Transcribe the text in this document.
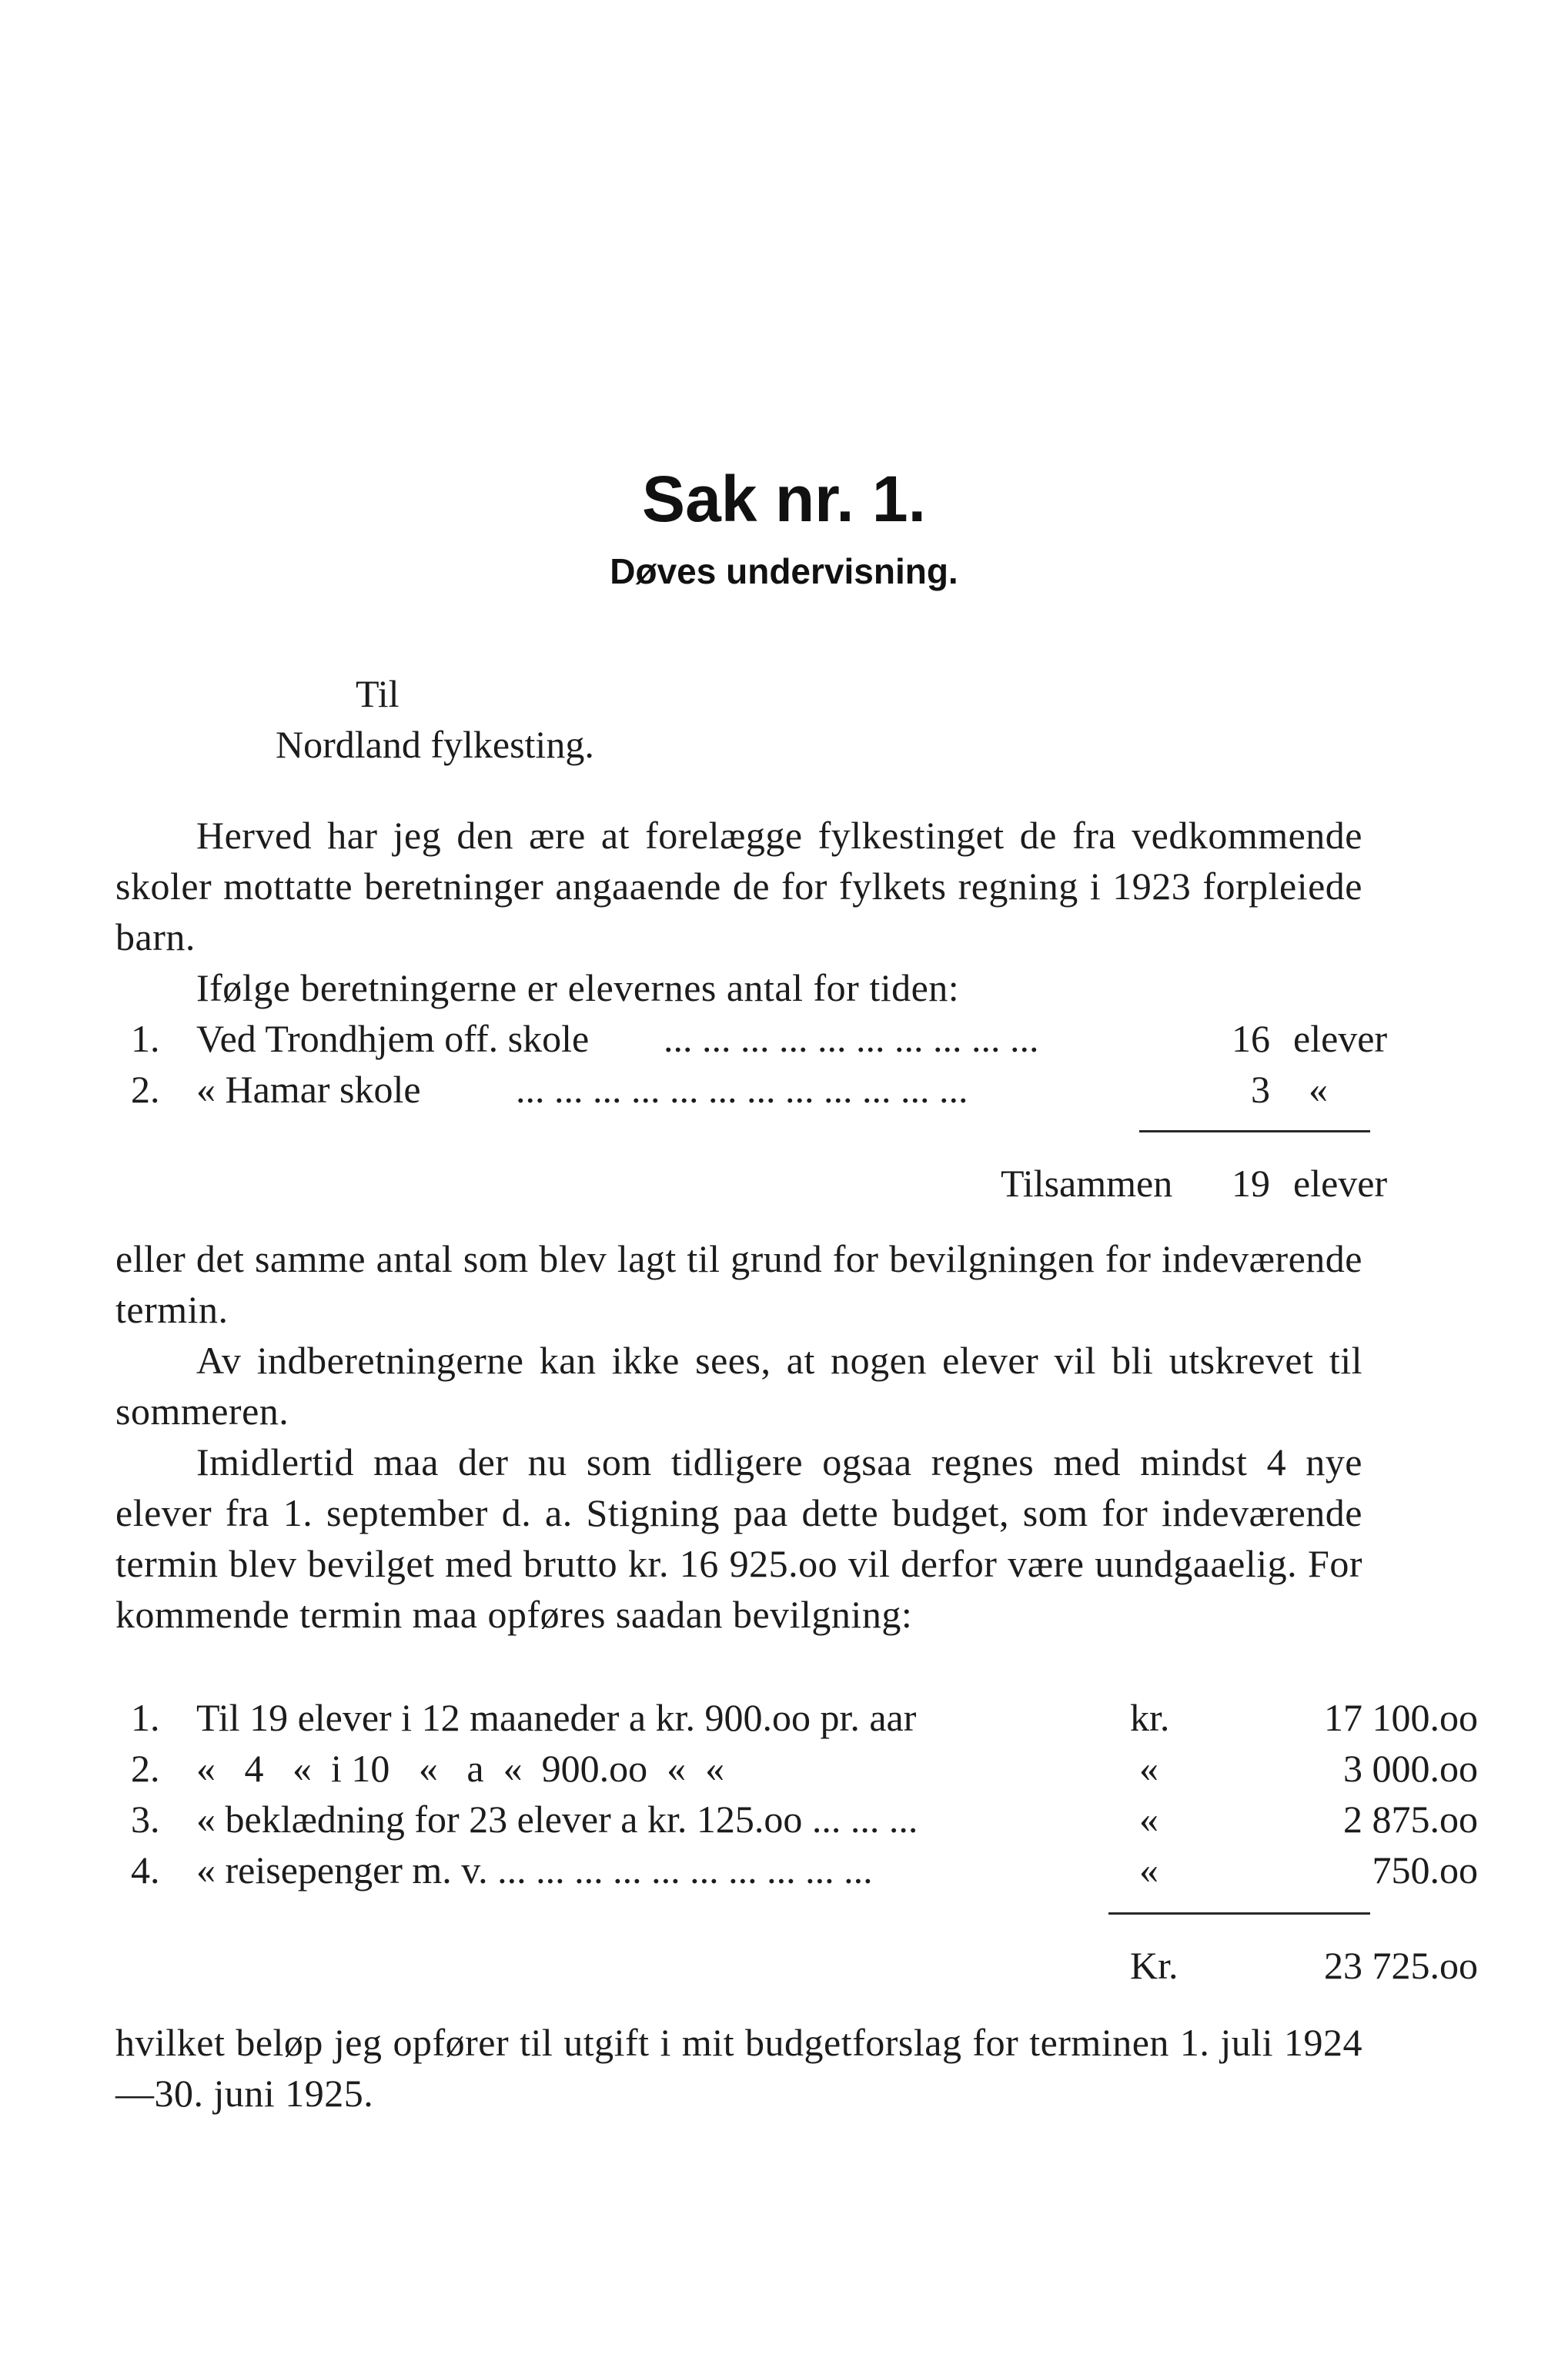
Sak nr. 1.
Døves undervisning.
Til
Nordland fylkesting.

Herved har jeg den ære at forelægge fylkestinget de fra vedkommende skoler mottatte beretninger angaaende de for fylkets regning i 1923 forpleiede barn.

Ifølge beretningerne er elevernes antal for tiden:

1. Ved Trondhjem off. skole ... ... ... ... ... ... ... ... ... ...	16 elever
2. « Hamar skole ... ... ... ... ... ... ... ... ... ... ... ...	3 «
Tilsammen	19 elever

eller det samme antal som blev lagt til grund for bevilgningen for indeværende termin.

Av indberetningerne kan ikke sees, at nogen elever vil bli utskrevet til sommeren.

Imidlertid maa der nu som tidligere ogsaa regnes med mindst 4 nye elever fra 1. september d. a. Stigning paa dette budget, som for indeværende termin blev bevilget med brutto kr. 16 925.oo vil derfor være uundgaaelig. For kommende termin maa opføres saadan bevilgning:

1. Til 19 elever i 12 maaneder a kr. 900.oo pr. aar	kr.	17 100.oo
2. «   4   «  i 10   «   a  «  900.oo  «  «	«	3 000.oo
3. « beklædning for 23 elever a kr. 125.oo ... ... ...	«	2 875.oo
4. « reisepenger m. v. ... ... ... ... ... ... ... ... ... ...	«	750.oo
Kr.	23 725.oo

hvilket beløp jeg opfører til utgift i mit budgetforslag for terminen 1. juli 1924—30. juni 1925.
